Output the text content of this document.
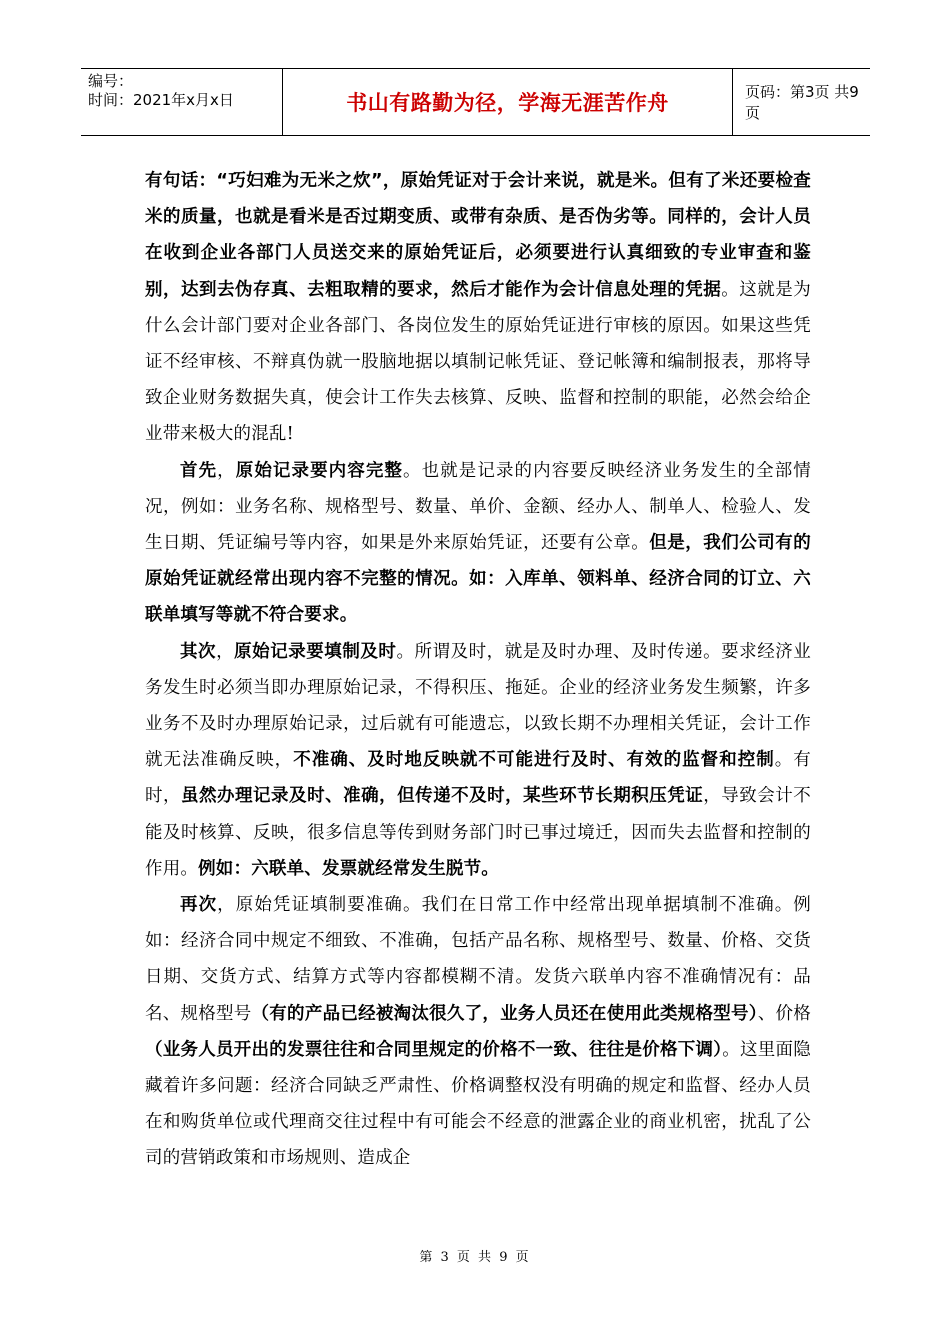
编号：
时间：2021年x月x日	书山有路勤为径，学海无涯苦作舟	页码：第3页 共9页

有句话：“巧妇难为无米之炊”，原始凭证对于会计来说，就是米。但有了米还要检查米的质量，也就是看米是否过期变质、或带有杂质、是否伪劣等。同样的，会计人员在收到企业各部门人员送交来的原始凭证后，必须要进行认真细致的专业审查和鉴别，达到去伪存真、去粗取精的要求，然后才能作为会计信息处理的凭据。这就是为什么会计部门要对企业各部门、各岗位发生的原始凭证进行审核的原因。如果这些凭证不经审核、不辩真伪就一股脑地据以填制记帐凭证、登记帐簿和编制报表，那将导致企业财务数据失真，使会计工作失去核算、反映、监督和控制的职能，必然会给企业带来极大的混乱!

首先，原始记录要内容完整。也就是记录的内容要反映经济业务发生的全部情况，例如：业务名称、规格型号、数量、单价、金额、经办人、制单人、检验人、发生日期、凭证编号等内容，如果是外来原始凭证，还要有公章。但是，我们公司有的原始凭证就经常出现内容不完整的情况。如：入库单、领料单、经济合同的订立、六联单填写等就不符合要求。

其次，原始记录要填制及时。所谓及时，就是及时办理、及时传递。要求经济业务发生时必须当即办理原始记录，不得积压、拖延。企业的经济业务发生频繁，许多业务不及时办理原始记录，过后就有可能遗忘，以致长期不办理相关凭证，会计工作就无法准确反映，不准确、及时地反映就不可能进行及时、有效的监督和控制。有时，虽然办理记录及时、准确，但传递不及时，某些环节长期积压凭证，导致会计不能及时核算、反映，很多信息等传到财务部门时已事过境迁，因而失去监督和控制的作用。例如：六联单、发票就经常发生脱节。

再次，原始凭证填制要准确。我们在日常工作中经常出现单据填制不准确。例如：经济合同中规定不细致、不准确，包括产品名称、规格型号、数量、价格、交货日期、交货方式、结算方式等内容都模糊不清。发货六联单内容不准确情况有：品名、规格型号（有的产品已经被淘汰很久了，业务人员还在使用此类规格型号）、价格（业务人员开出的发票往往和合同里规定的价格不一致、往往是价格下调）。这里面隐藏着许多问题：经济合同缺乏严肃性、价格调整权没有明确的规定和监督、经办人员在和购货单位或代理商交往过程中有可能会不经意的泄露企业的商业机密，扰乱了公司的营销政策和市场规则、造成企

第 3 页 共 9 页
